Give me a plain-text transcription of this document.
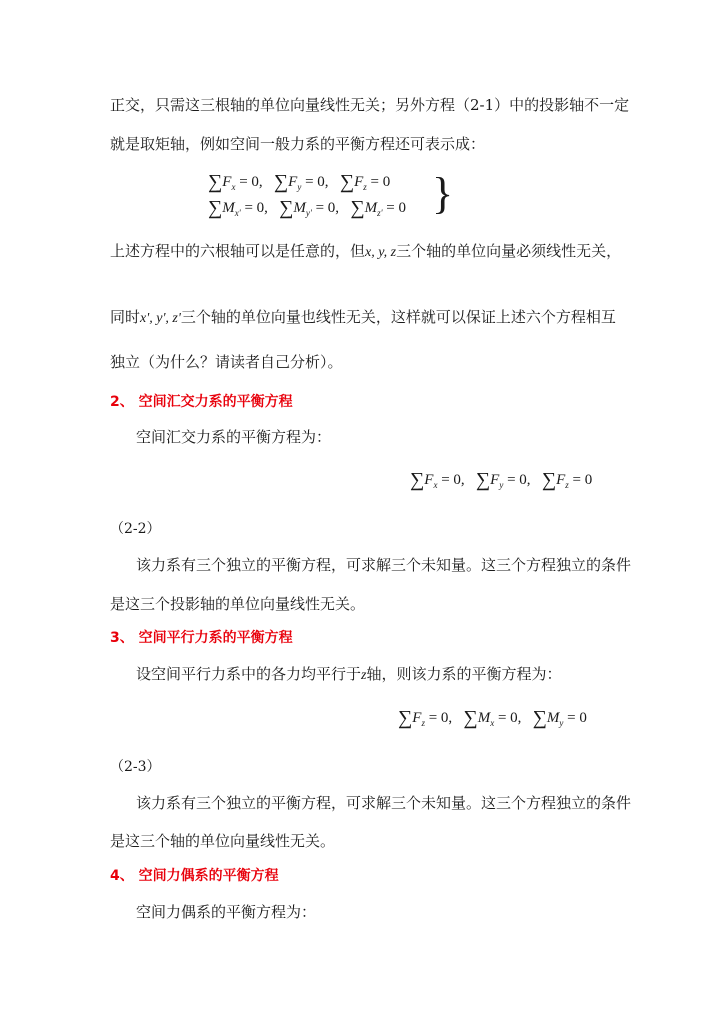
正交，只需这三根轴的单位向量线性无关；另外方程（2-1）中的投影轴不一定
就是取矩轴，例如空间一般力系的平衡方程还可表示成：
$\sum F_x = 0$, $\sum F_y = 0$, $\sum F_z = 0$
$\sum M_{x'} = 0$, $\sum M_{y'} = 0$, $\sum M_{z'} = 0$ }
上述方程中的六根轴可以是任意的，但x, y, z三个轴的单位向量必须线性无关，
同时x', y', z'三个轴的单位向量也线性无关，这样就可以保证上述六个方程相互
独立（为什么？请读者自己分析）。
2、 空间汇交力系的平衡方程
空间汇交力系的平衡方程为：
$\sum F_x = 0$, $\sum F_y = 0$, $\sum F_z = 0$
（2-2）
该力系有三个独立的平衡方程，可求解三个未知量。这三个方程独立的条件
是这三个投影轴的单位向量线性无关。
3、 空间平行力系的平衡方程
设空间平行力系中的各力均平行于z轴，则该力系的平衡方程为：
$\sum F_z = 0$, $\sum M_x = 0$, $\sum M_y = 0$
（2-3）
该力系有三个独立的平衡方程，可求解三个未知量。这三个方程独立的条件
是这三个轴的单位向量线性无关。
4、 空间力偶系的平衡方程
空间力偶系的平衡方程为：
